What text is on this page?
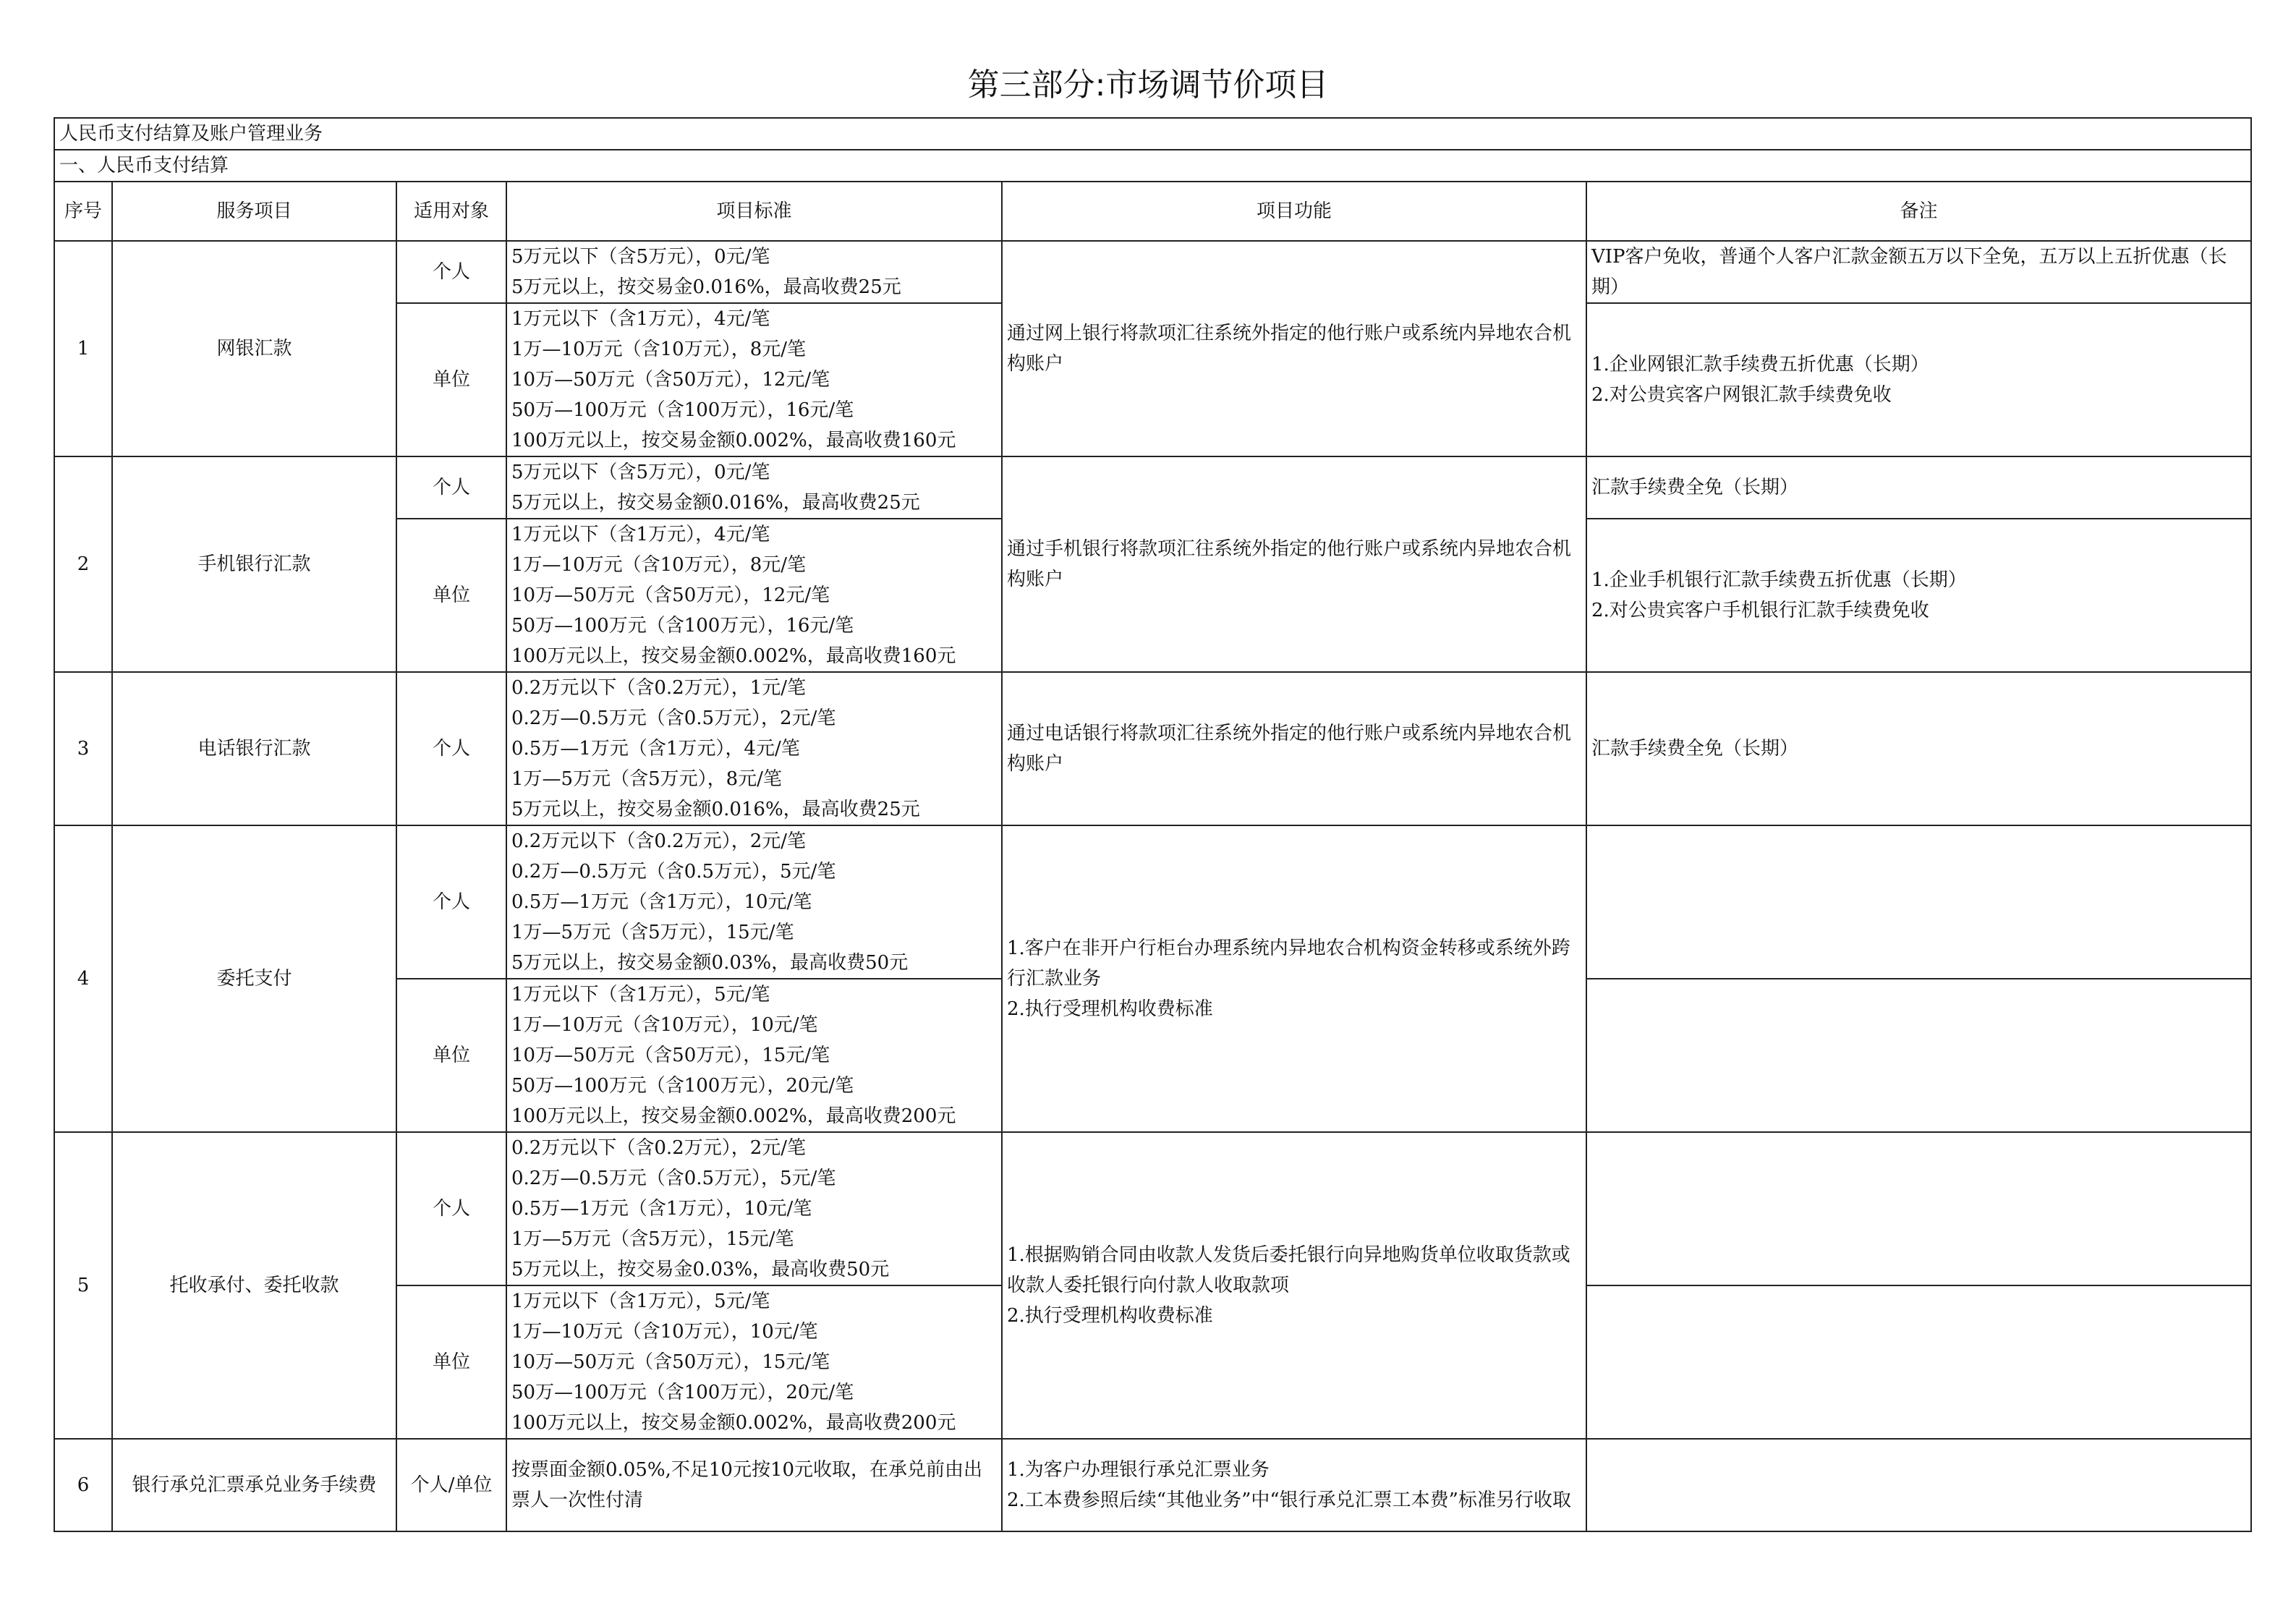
第三部分:市场调节价项目
人民币支付结算及账户管理业务					
一、人民币支付结算					
序号	服务项目	适用对象	项目标准	项目功能	备注
1	网银汇款	个人	5万元以下（含5万元），0元/笔
5万元以上，按交易金0.016%，最高收费25元	通过网上银行将款项汇往系统外指定的他行账户或系统内异地农合机构账户	VIP客户免收，普通个人客户汇款金额五万以下全免，五万以上五折优惠（长期）
		单位	1万元以下（含1万元），4元/笔
1万—10万元（含10万元），8元/笔
10万—50万元（含50万元），12元/笔
50万—100万元（含100万元），16元/笔
100万元以上，按交易金额0.002%，最高收费160元		1.企业网银汇款手续费五折优惠（长期）
2.对公贵宾客户网银汇款手续费免收
2	手机银行汇款	个人	5万元以下（含5万元），0元/笔
5万元以上，按交易金额0.016%，最高收费25元	通过手机银行将款项汇往系统外指定的他行账户或系统内异地农合机构账户	汇款手续费全免（长期）
		单位	1万元以下（含1万元），4元/笔
1万—10万元（含10万元），8元/笔
10万—50万元（含50万元），12元/笔
50万—100万元（含100万元），16元/笔
100万元以上，按交易金额0.002%，最高收费160元		1.企业手机银行汇款手续费五折优惠（长期）
2.对公贵宾客户手机银行汇款手续费免收
3	电话银行汇款	个人	0.2万元以下（含0.2万元），1元/笔
0.2万—0.5万元（含0.5万元），2元/笔
0.5万—1万元（含1万元），4元/笔
1万—5万元（含5万元），8元/笔
5万元以上，按交易金额0.016%，最高收费25元	通过电话银行将款项汇往系统外指定的他行账户或系统内异地农合机构账户	汇款手续费全免（长期）
4	委托支付	个人	0.2万元以下（含0.2万元），2元/笔
0.2万—0.5万元（含0.5万元），5元/笔
0.5万—1万元（含1万元），10元/笔
1万—5万元（含5万元），15元/笔
5万元以上，按交易金额0.03%，最高收费50元	1.客户在非开户行柜台办理系统内异地农合机构资金转移或系统外跨行汇款业务
2.执行受理机构收费标准	
		单位	1万元以下（含1万元），5元/笔
1万—10万元（含10万元），10元/笔
10万—50万元（含50万元），15元/笔
50万—100万元（含100万元），20元/笔
100万元以上，按交易金额0.002%，最高收费200元		
5	托收承付、委托收款	个人	0.2万元以下（含0.2万元），2元/笔
0.2万—0.5万元（含0.5万元），5元/笔
0.5万—1万元（含1万元），10元/笔
1万—5万元（含5万元），15元/笔
5万元以上，按交易金0.03%，最高收费50元	1.根据购销合同由收款人发货后委托银行向异地购货单位收取货款或收款人委托银行向付款人收取款项
2.执行受理机构收费标准	
		单位	1万元以下（含1万元），5元/笔
1万—10万元（含10万元），10元/笔
10万—50万元（含50万元），15元/笔
50万—100万元（含100万元），20元/笔
100万元以上，按交易金额0.002%，最高收费200元		
6	银行承兑汇票承兑业务手续费	个人/单位	按票面金额0.05%,不足10元按10元收取，在承兑前由出票人一次性付清	1.为客户办理银行承兑汇票业务
2.工本费参照后续“其他业务”中“银行承兑汇票工本费”标准另行收取	
